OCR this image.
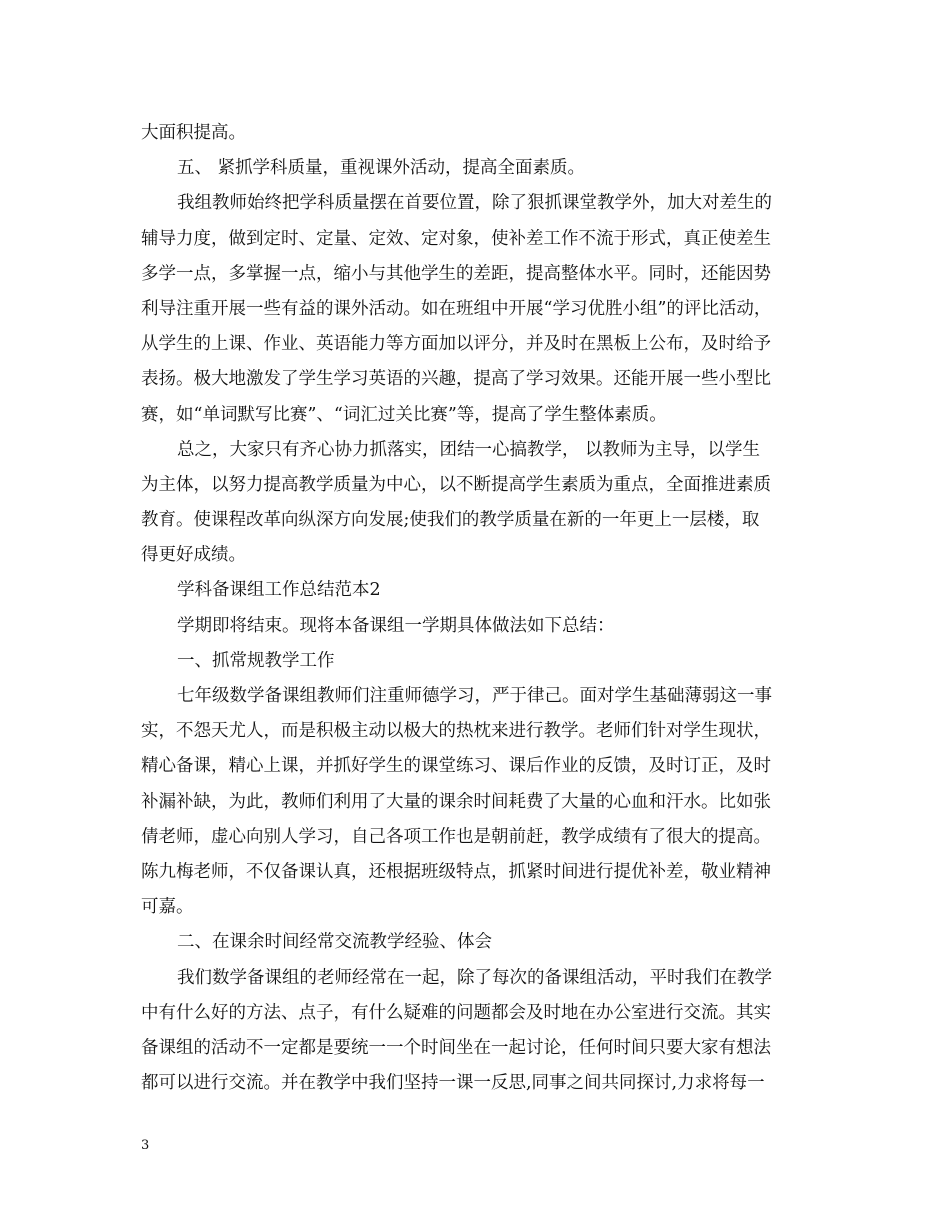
大面积提高。
五、 紧抓学科质量，重视课外活动，提高全面素质。
我组教师始终把学科质量摆在首要位置，除了狠抓课堂教学外，加大对差生的
辅导力度，做到定时、定量、定效、定对象，使补差工作不流于形式，真正使差生
多学一点，多掌握一点，缩小与其他学生的差距，提高整体水平。同时，还能因势
利导注重开展一些有益的课外活动。如在班组中开展“学习优胜小组”的评比活动，
从学生的上课、作业、英语能力等方面加以评分，并及时在黑板上公布，及时给予
表扬。极大地激发了学生学习英语的兴趣，提高了学习效果。还能开展一些小型比
赛，如“单词默写比赛”、“词汇过关比赛”等，提高了学生整体素质。
总之，大家只有齐心协力抓落实，团结一心搞教学， 以教师为主导，以学生
为主体，以努力提高教学质量为中心，以不断提高学生素质为重点，全面推进素质
教育。使课程改革向纵深方向发展;使我们的教学质量在新的一年更上一层楼，取
得更好成绩。
学科备课组工作总结范本2
学期即将结束。现将本备课组一学期具体做法如下总结：
一、抓常规教学工作
七年级数学备课组教师们注重师德学习，严于律己。面对学生基础薄弱这一事
实，不怨天尤人，而是积极主动以极大的热枕来进行教学。老师们针对学生现状，
精心备课，精心上课，并抓好学生的课堂练习、课后作业的反馈，及时订正，及时
补漏补缺，为此，教师们利用了大量的课余时间耗费了大量的心血和汗水。比如张
倩老师，虚心向别人学习，自己各项工作也是朝前赶，教学成绩有了很大的提高。
陈九梅老师，不仅备课认真，还根据班级特点，抓紧时间进行提优补差，敬业精神
可嘉。
二、在课余时间经常交流教学经验、体会
我们数学备课组的老师经常在一起，除了每次的备课组活动，平时我们在教学
中有什么好的方法、点子，有什么疑难的问题都会及时地在办公室进行交流。其实
备课组的活动不一定都是要统一一个时间坐在一起讨论，任何时间只要大家有想法
都可以进行交流。并在教学中我们坚持一课一反思,同事之间共同探讨,力求将每一
3
